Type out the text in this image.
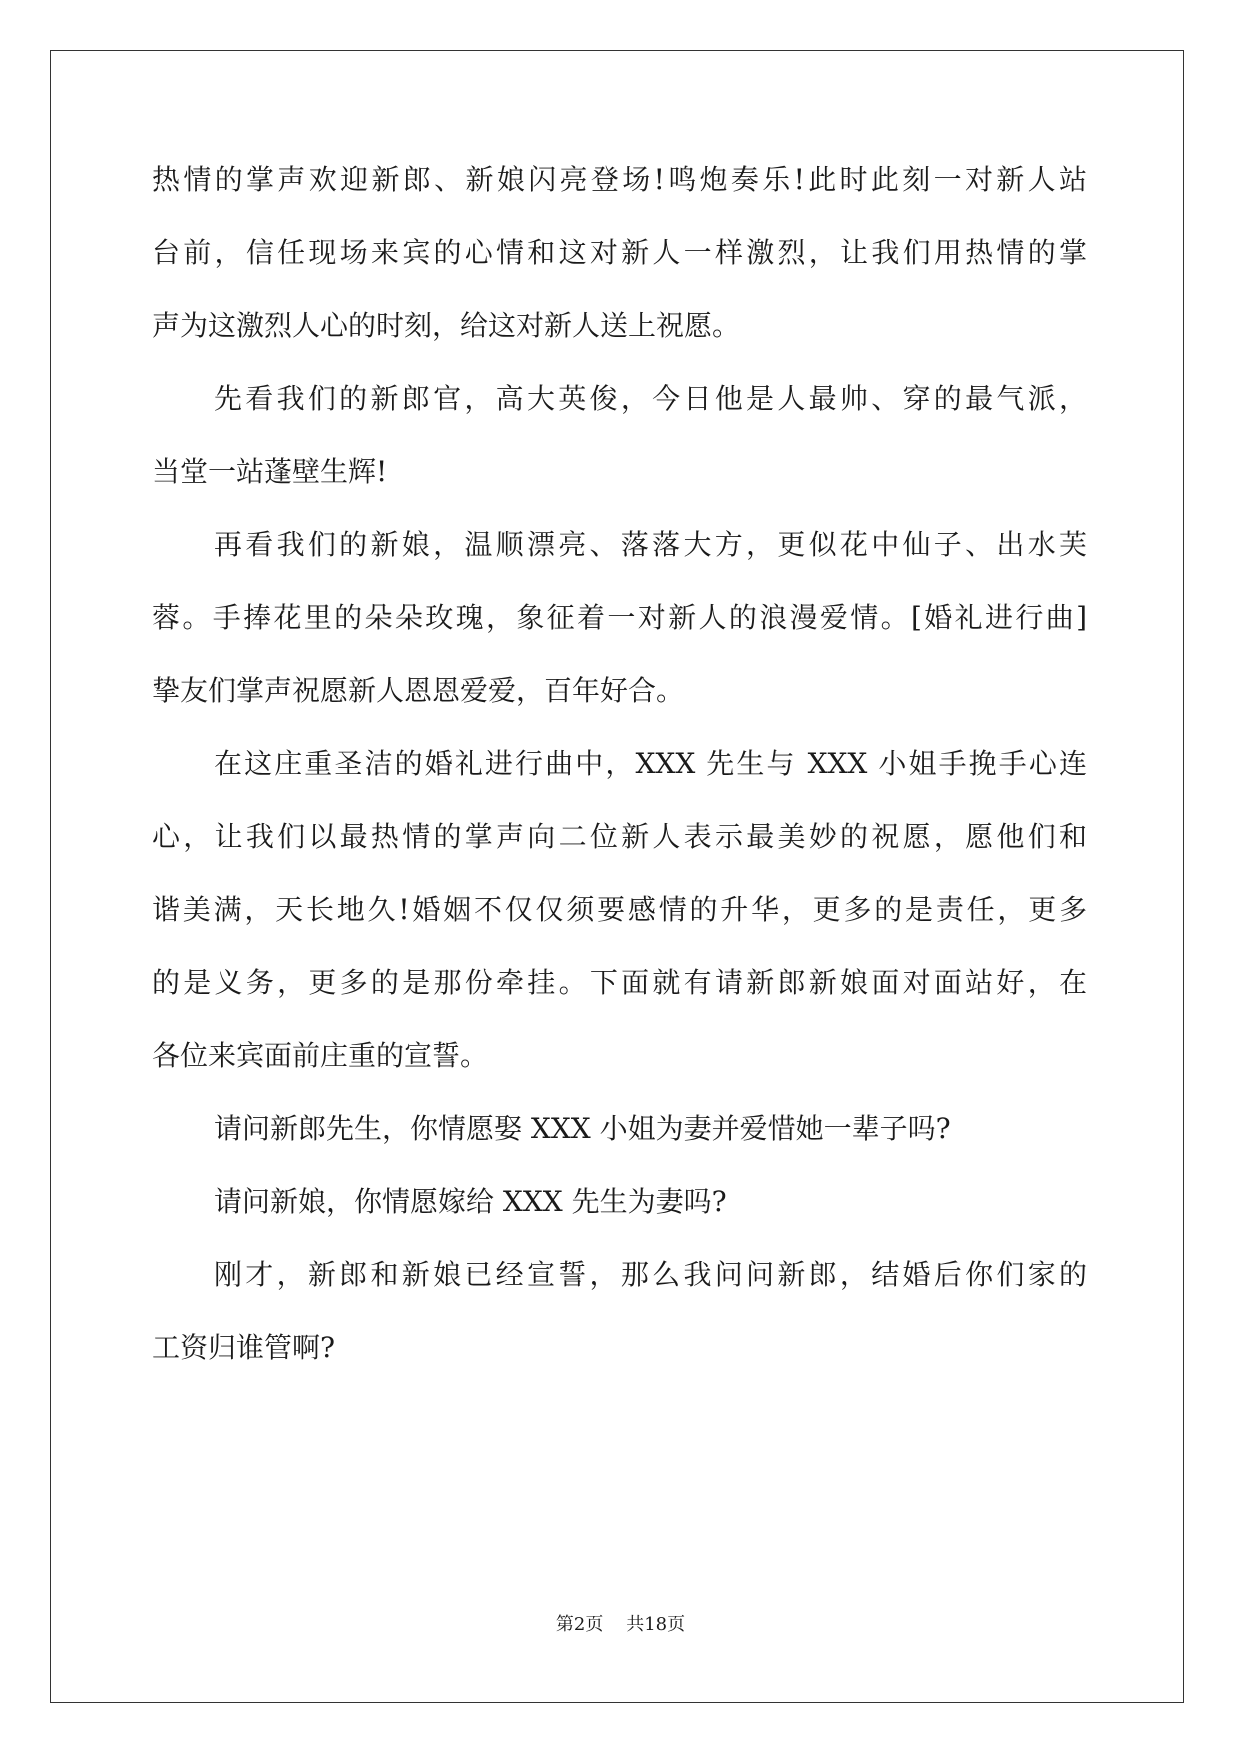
热情的掌声欢迎新郎、新娘闪亮登场!鸣炮奏乐!此时此刻一对新人站
台前，信任现场来宾的心情和这对新人一样激烈，让我们用热情的掌
声为这激烈人心的时刻，给这对新人送上祝愿。
先看我们的新郎官，高大英俊，今日他是人最帅、穿的最气派，
当堂一站蓬壁生辉!
再看我们的新娘，温顺漂亮、落落大方，更似花中仙子、出水芙
蓉。手捧花里的朵朵玫瑰，象征着一对新人的浪漫爱情。[婚礼进行曲]
挚友们掌声祝愿新人恩恩爱爱，百年好合。
在这庄重圣洁的婚礼进行曲中，XXX 先生与 XXX 小姐手挽手心连
心，让我们以最热情的掌声向二位新人表示最美妙的祝愿，愿他们和
谐美满，天长地久!婚姻不仅仅须要感情的升华，更多的是责任，更多
的是义务，更多的是那份牵挂。下面就有请新郎新娘面对面站好，在
各位来宾面前庄重的宣誓。
请问新郎先生，你情愿娶 XXX 小姐为妻并爱惜她一辈子吗?
请问新娘，你情愿嫁给 XXX 先生为妻吗?
刚才，新郎和新娘已经宣誓，那么我问问新郎，结婚后你们家的
工资归谁管啊?
第2页 共18页
